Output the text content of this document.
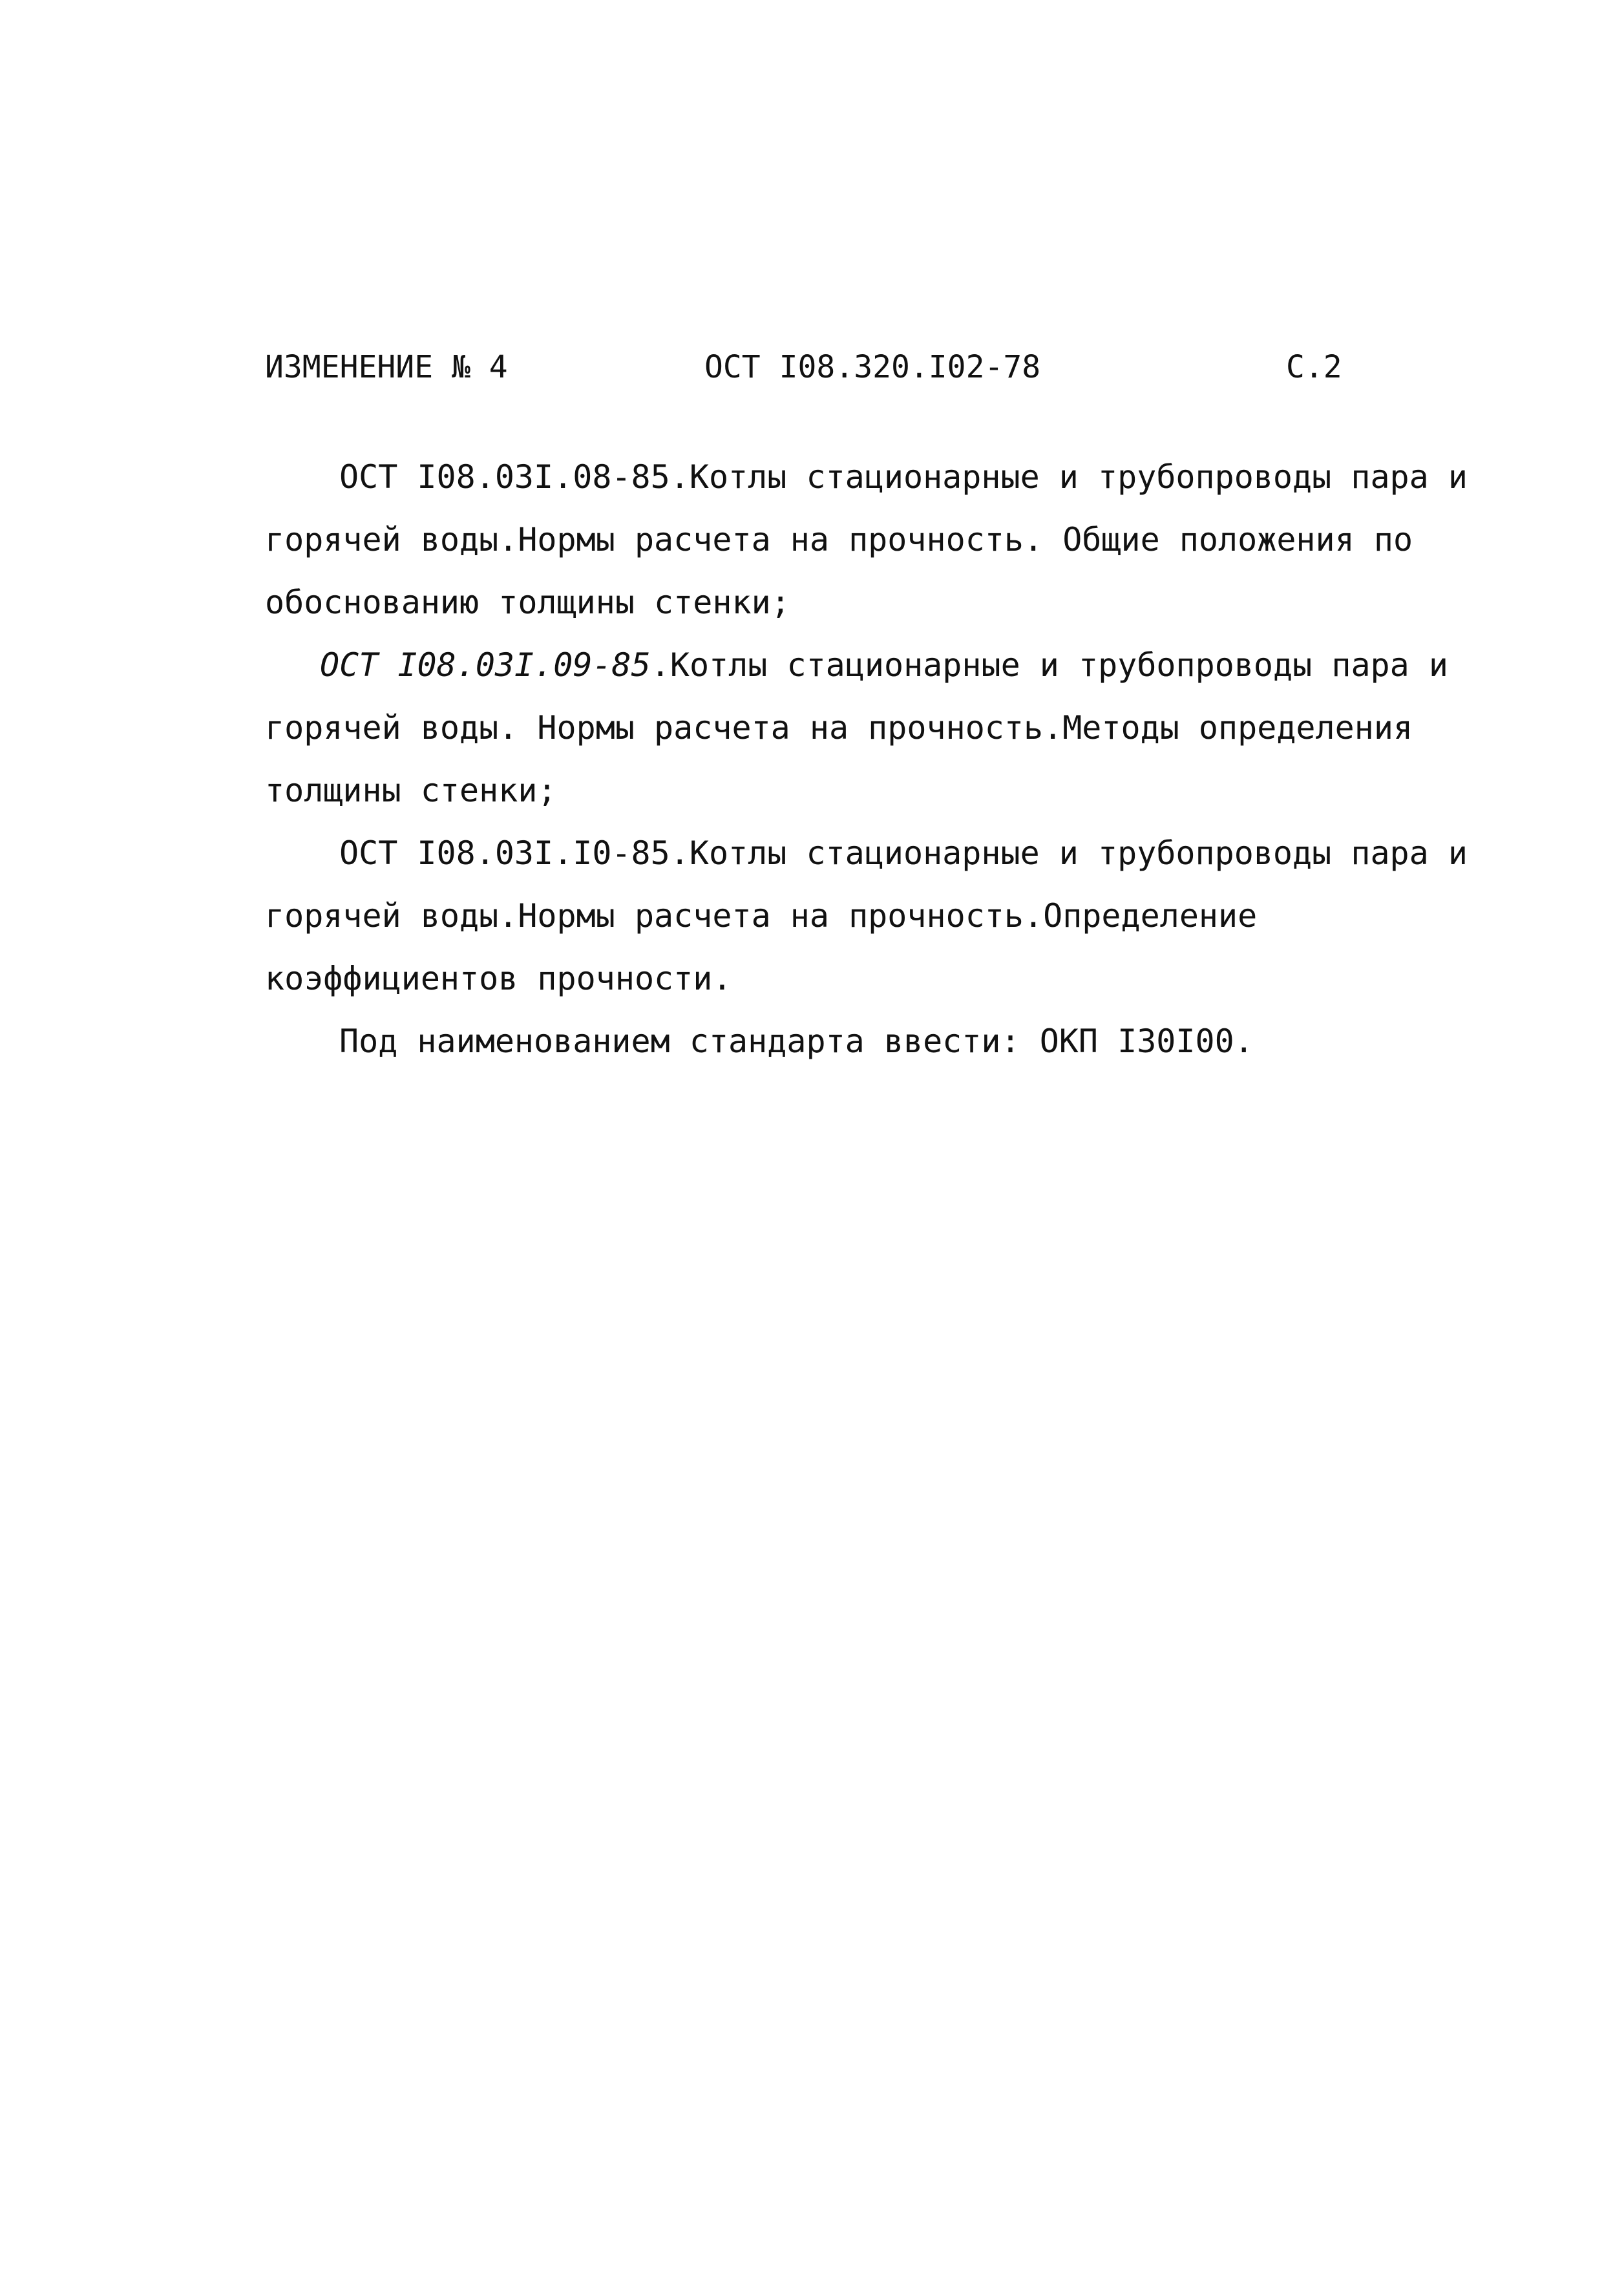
ИЗМЕНЕНИЕ № 4	ОСТ I08.320.I02-78	С.2

ОСТ I08.03I.08-85.Котлы стационарные и трубопроводы пара и горячей воды.Нормы расчета на прочность. Общие положения по обоснованию толщины стенки;

ОСТ I08.03I.09-85.Котлы стационарные и трубопроводы пара и горячей воды. Нормы расчета на прочность.Методы определения толщины стенки;

ОСТ I08.03I.I0-85.Котлы стационарные и трубопроводы пара и горячей воды.Нормы расчета на прочность.Определение коэффициентов прочности.

Под наименованием стандарта ввести: ОКП I30I00.
